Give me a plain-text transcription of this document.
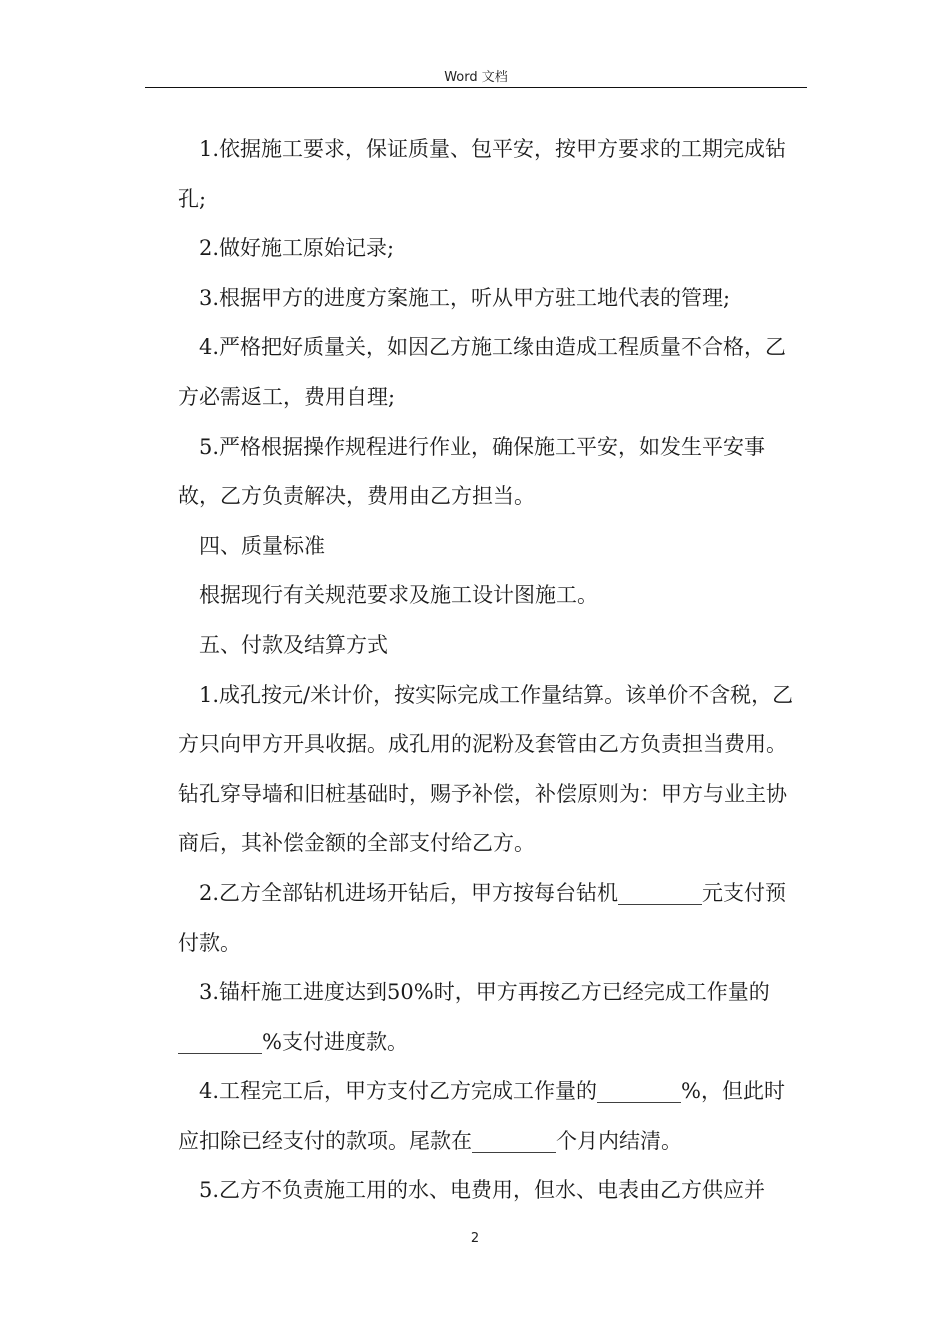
Word 文档

1.依据施工要求，保证质量、包平安，按甲方要求的工期完成钻孔;

2.做好施工原始记录;

3.根据甲方的进度方案施工，听从甲方驻工地代表的管理;

4.严格把好质量关，如因乙方施工缘由造成工程质量不合格，乙方必需返工，费用自理;

5.严格根据操作规程进行作业，确保施工平安，如发生平安事故，乙方负责解决，费用由乙方担当。

四、质量标准

根据现行有关规范要求及施工设计图施工。

五、付款及结算方式

1.成孔按元/米计价，按实际完成工作量结算。该单价不含税，乙方只向甲方开具收据。成孔用的泥粉及套管由乙方负责担当费用。钻孔穿导墙和旧桩基础时，赐予补偿，补偿原则为：甲方与业主协商后，其补偿金额的全部支付给乙方。

2.乙方全部钻机进场开钻后，甲方按每台钻机________元支付预付款。

3.锚杆施工进度达到50%时，甲方再按乙方已经完成工作量的________%支付进度款。

4.工程完工后，甲方支付乙方完成工作量的________%，但此时应扣除已经支付的款项。尾款在________个月内结清。

5.乙方不负责施工用的水、电费用，但水、电表由乙方供应并

2
